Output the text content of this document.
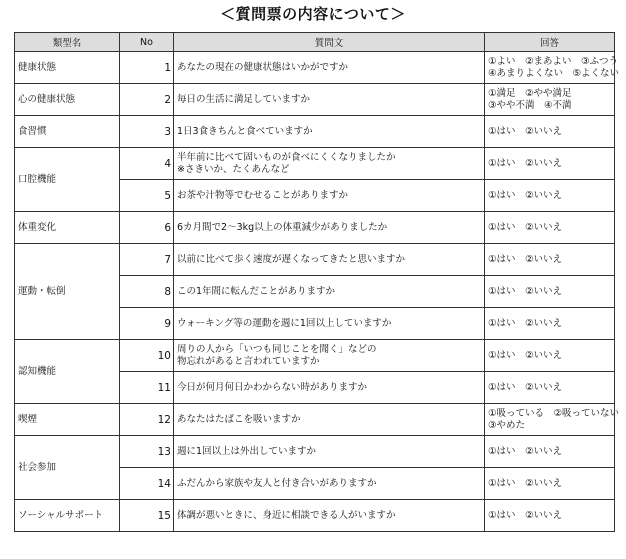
＜質問票の内容について＞
類型名	No	質問文	回答
健康状態	1	あなたの現在の健康状態はいかがですか	①よい　②まあよい　③ふつう
④あまりよくない　⑤よくない

心の健康状態	2	毎日の生活に満足していますか	①満足　②やや満足
③やや不満　④不満

食習慣	3	1日3食きちんと食べていますか	①はい　②いいえ

口腔機能	4	半年前に比べて固いものが食べにくくなりましたか
※さきいか、たくあんなど	①はい　②いいえ

	5	お茶や汁物等でむせることがありますか	①はい　②いいえ

体重変化	6	6カ月間で2～3kg以上の体重減少がありましたか	①はい　②いいえ

運動・転倒	7	以前に比べて歩く速度が遅くなってきたと思いますか	①はい　②いいえ

	8	この1年間に転んだことがありますか	①はい　②いいえ

	9	ウォーキング等の運動を週に1回以上していますか	①はい　②いいえ

認知機能	10	周りの人から「いつも同じことを聞く」などの
物忘れがあると言われていますか	①はい　②いいえ

	11	今日が何月何日かわからない時がありますか	①はい　②いいえ

喫煙	12	あなたはたばこを吸いますか	①吸っている　②吸っていない
③やめた

社会参加	13	週に1回以上は外出していますか	①はい　②いいえ

	14	ふだんから家族や友人と付き合いがありますか	①はい　②いいえ

ソーシャルサポート	15	体調が悪いときに、身近に相談できる人がいますか	①はい　②いいえ
